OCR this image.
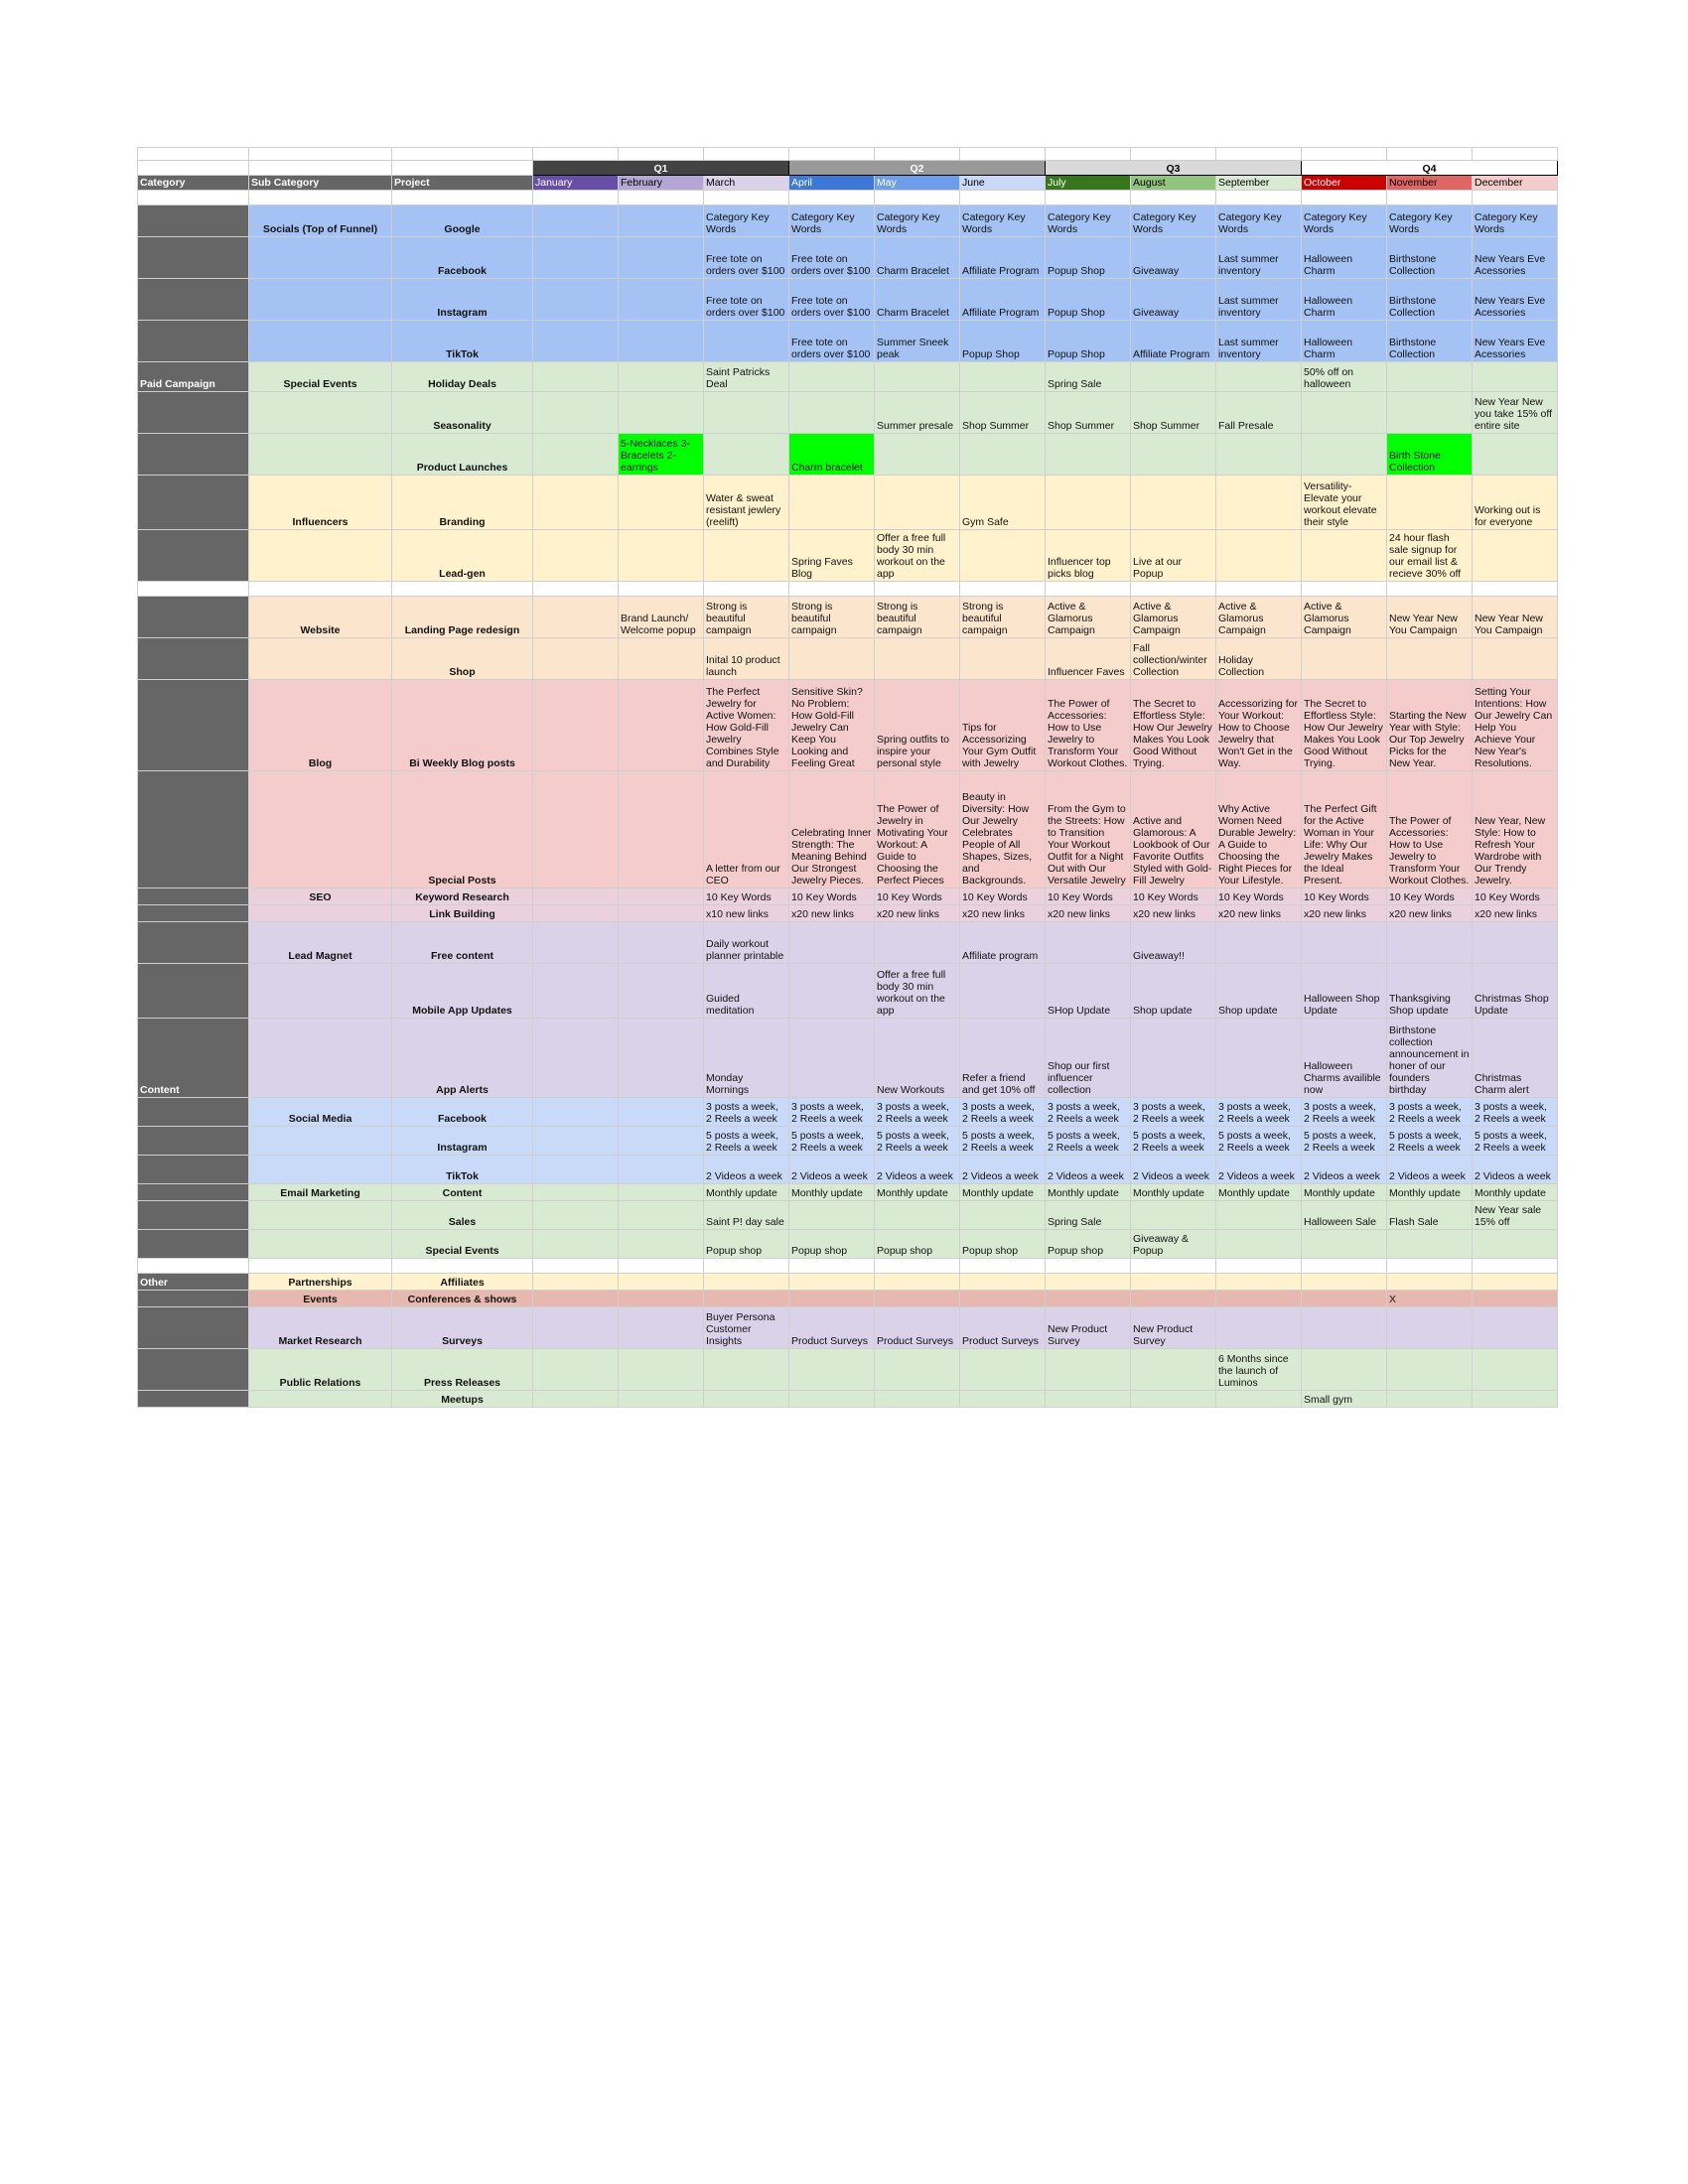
			Q1			Q2			Q3			Q4		
Category	Sub Category	Project	January	February	March	April	May	June	July	August	September	October	November	December

	Socials (Top of Funnel)	Google			Category Key Words	Category Key Words	Category Key Words	Category Key Words	Category Key Words	Category Key Words	Category Key Words	Category Key Words	Category Key Words	Category Key Words
		Facebook			Free tote on orders over $100	Free tote on orders over $100	Charm Bracelet	Affiliate Program	Popup Shop	Giveaway	Last summer inventory	Halloween Charm	Birthstone Collection	New Years Eve Acessories
		Instagram			Free tote on orders over $100	Free tote on orders over $100	Charm Bracelet	Affiliate Program	Popup Shop	Giveaway	Last summer inventory	Halloween Charm	Birthstone Collection	New Years Eve Acessories
		TikTok				Free tote on orders over $100	Summer Sneek peak	Popup Shop	Popup Shop	Affiliate Program	Last summer inventory	Halloween Charm	Birthstone Collection	New Years Eve Acessories
Paid Campaign	Special Events	Holiday Deals			Saint Patricks Deal				Spring Sale			50% off on halloween		
		Seasonality					Summer presale	Shop Summer	Shop Summer	Shop Summer	Fall Presale			New Year New you take 15% off entire site
		Product Launches		5-Necklaces 3-Bracelets 2-earrings		Charm bracelet							Birth Stone Collection	
	Influencers	Branding			Water & sweat resistant jewlery (reelift)			Gym Safe				Versatility- Elevate your workout elevate their style		Working out is for everyone
		Lead-gen				Spring Faves Blog	Offer a free full body 30 min workout on the app		Influencer top picks blog	Live at our Popup			24 hour flash sale signup for our email list & recieve 30% off	

	Website	Landing Page redesign		Brand Launch/ Welcome popup	Strong is beautiful campaign	Strong is beautiful campaign	Strong is beautiful campaign	Strong is beautiful campaign	Active & Glamorus Campaign	Active & Glamorus Campaign	Active & Glamorus Campaign	Active & Glamorus Campaign	New Year New You Campaign	New Year New You Campaign
		Shop			Inital 10 product launch				Influencer Faves	Fall collection/winter Collection	Holiday Collection			
	Blog	Bi Weekly Blog posts			The Perfect Jewelry for Active Women: How Gold-Fill Jewelry Combines Style and Durability	Sensitive Skin? No Problem: How Gold-Fill Jewelry Can Keep You Looking and Feeling Great	Spring outfits to inspire your personal style	Tips for Accessorizing Your Gym Outfit with Jewelry	The Power of Accessories: How to Use Jewelry to Transform Your Workout Clothes.	The Secret to Effortless Style: How Our Jewelry Makes You Look Good Without Trying.	Accessorizing for Your Workout: How to Choose Jewelry that Won't Get in the Way.	The Secret to Effortless Style: How Our Jewelry Makes You Look Good Without Trying.	Starting the New Year with Style: Our Top Jewelry Picks for the New Year.	Setting Your Intentions: How Our Jewelry Can Help You Achieve Your New Year's Resolutions.
		Special Posts			A letter from our CEO	Celebrating Inner Strength: The Meaning Behind Our Strongest Jewelry Pieces.	The Power of Jewelry in Motivating Your Workout: A Guide to Choosing the Perfect Pieces	Beauty in Diversity: How Our Jewelry Celebrates People of All Shapes, Sizes, and Backgrounds.	From the Gym to the Streets: How to Transition Your Workout Outfit for a Night Out with Our Versatile Jewelry	Active and Glamorous: A Lookbook of Our Favorite Outfits Styled with Gold-Fill Jewelry	Why Active Women Need Durable Jewelry: A Guide to Choosing the Right Pieces for Your Lifestyle.	The Perfect Gift for the Active Woman in Your Life: Why Our Jewelry Makes the Ideal Present.	The Power of Accessories: How to Use Jewelry to Transform Your Workout Clothes.	New Year, New Style: How to Refresh Your Wardrobe with Our Trendy Jewelry.
	SEO	Keyword Research			10 Key Words	10 Key Words	10 Key Words	10 Key Words	10 Key Words	10 Key Words	10 Key Words	10 Key Words	10 Key Words	10 Key Words
		Link Building			x10 new links	x20 new links	x20 new links	x20 new links	x20 new links	x20 new links	x20 new links	x20 new links	x20 new links	x20 new links
	Lead Magnet	Free content			Daily workout planner printable			Affiliate program		Giveaway!!				
		Mobile App Updates			Guided meditation		Offer a free full body 30 min workout on the app		SHop Update	Shop update	Shop update	Halloween Shop Update	Thanksgiving Shop update	Christmas Shop Update
Content		App Alerts			Monday Mornings		New Workouts	Refer a friend and get 10% off	Shop our first influencer collection			Halloween Charms availible now	Birthstone collection announcement in honer of our founders birthday	Christmas Charm alert
	Social Media	Facebook			3 posts a week, 2 Reels a week	3 posts a week, 2 Reels a week	3 posts a week, 2 Reels a week	3 posts a week, 2 Reels a week	3 posts a week, 2 Reels a week	3 posts a week, 2 Reels a week	3 posts a week, 2 Reels a week	3 posts a week, 2 Reels a week	3 posts a week, 2 Reels a week	3 posts a week, 2 Reels a week
		Instagram			5 posts a week, 2 Reels a week	5 posts a week, 2 Reels a week	5 posts a week, 2 Reels a week	5 posts a week, 2 Reels a week	5 posts a week, 2 Reels a week	5 posts a week, 2 Reels a week	5 posts a week, 2 Reels a week	5 posts a week, 2 Reels a week	5 posts a week, 2 Reels a week	5 posts a week, 2 Reels a week
		TikTok			2 Videos a week	2 Videos a week	2 Videos a week	2 Videos a week	2 Videos a week	2 Videos a week	2 Videos a week	2 Videos a week	2 Videos a week	2 Videos a week
	Email Marketing	Content			Monthly update	Monthly update	Monthly update	Monthly update	Monthly update	Monthly update	Monthly update	Monthly update	Monthly update	Monthly update
		Sales			Saint P! day sale				Spring Sale			Halloween Sale	Flash Sale	New Year sale 15% off
		Special Events			Popup shop	Popup shop	Popup shop	Popup shop	Popup shop	Giveaway & Popup				

Other	Partnerships	Affiliates												
	Events	Conferences & shows											X	
	Market Research	Surveys			Buyer Persona Customer Insights	Product Surveys	Product Surveys	Product Surveys	New Product Survey	New Product Survey				
	Public Relations	Press Releases									6 Months since the launch of Luminos			
		Meetups										Small gym		
